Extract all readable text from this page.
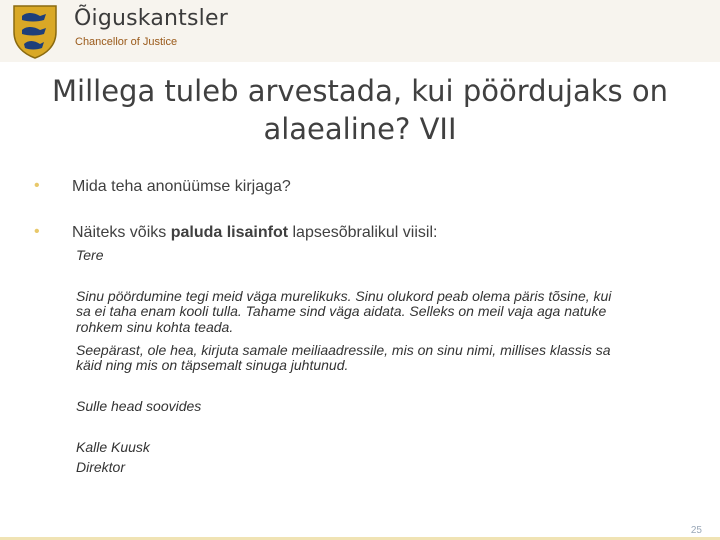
Õiguskantsler
Chancellor of Justice
Millega tuleb arvestada, kui pöördujaks on
alaealine? VII
• Mida teha anonüümse kirjaga?
• Näiteks võiks paluda lisainfot lapsesõbralikul viisil:
Tere
Sinu pöördumine tegi meid väga murelikuks. Sinu olukord peab olema päris tõsine, kui
sa ei taha enam kooli tulla. Tahame sind väga aidata. Selleks on meil vaja aga natuke
rohkem sinu kohta teada.
Seepärast, ole hea, kirjuta samale meiliaadressile, mis on sinu nimi, millises klassis sa
käid ning mis on täpsemalt sinuga juhtunud.
Sulle head soovides
Kalle Kuusk
Direktor
25
